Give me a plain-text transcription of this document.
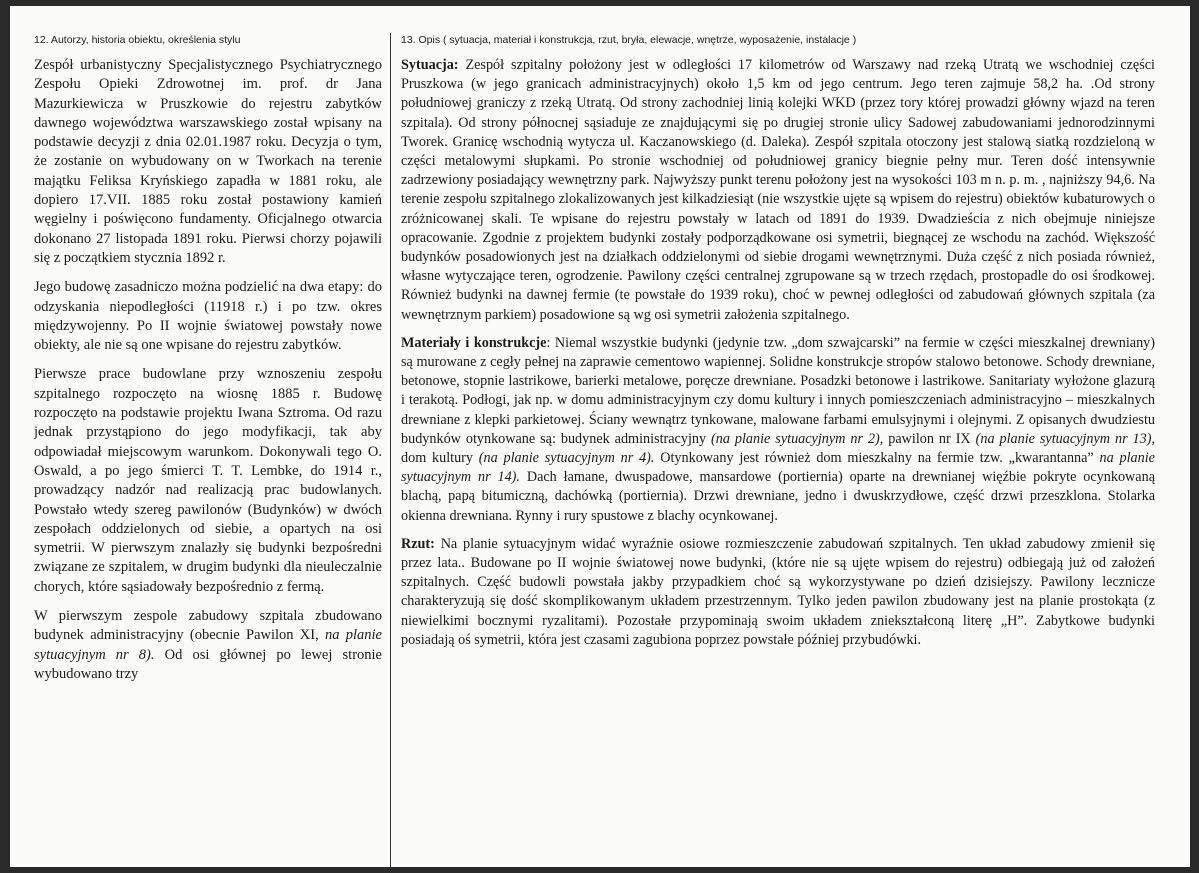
12. Autorzy, historia obiektu, określenia stylu

Zespół urbanistyczny Specjalistycznego Psychiatrycznego Zespołu Opieki Zdrowotnej im. prof. dr Jana Mazurkiewicza w Pruszkowie do rejestru zabytków dawnego województwa warszawskiego został wpisany na podstawie decyzji z dnia 02.01.1987 roku. Decyzja o tym, że zostanie on wybudowany on w Tworkach na terenie majątku Feliksa Kryńskiego zapadła w 1881 roku, ale dopiero 17.VII. 1885 roku został postawiony kamień węgielny i poświęcono fundamenty. Oficjalnego otwarcia dokonano 27 listopada 1891 roku. Pierwsi chorzy pojawili się z początkiem stycznia 1892 r.

Jego budowę zasadniczo można podzielić na dwa etapy: do odzyskania niepodległości (11918 r.) i po tzw. okres międzywojenny. Po II wojnie światowej powstały nowe obiekty, ale nie są one wpisane do rejestru zabytków.

Pierwsze prace budowlane przy wznoszeniu zespołu szpitalnego rozpoczęto na wiosnę 1885 r. Budowę rozpoczęto na podstawie projektu Iwana Sztroma. Od razu jednak przystąpiono do jego modyfikacji, tak aby odpowiadał miejscowym warunkom. Dokonywali tego O. Oswald, a po jego śmierci T. T. Lembke, do 1914 r., prowadzący nadzór nad realizacją prac budowlanych. Powstało wtedy szereg pawilonów (Budynków) w dwóch zespołach oddzielonych od siebie, a opartych na osi symetrii. W pierwszym znalazły się budynki bezpośredni związane ze szpitalem, w drugim budynki dla nieuleczalnie chorych, które sąsiadowały bezpośrednio z fermą.

W pierwszym zespole zabudowy szpitala zbudowano budynek administracyjny (obecnie Pawilon XI, na planie sytuacyjnym nr 8). Od osi głównej po lewej stronie wybudowano trzy

13. Opis ( sytuacja, materiał i konstrukcja, rzut, bryła, elewacje, wnętrze, wyposażenie, instalacje )

Sytuacja: Zespół szpitalny położony jest w odległości 17 kilometrów od Warszawy nad rzeką Utratą we wschodniej części Pruszkowa (w jego granicach administracyjnych) około 1,5 km od jego centrum. Jego teren zajmuje 58,2 ha. .Od strony południowej graniczy z rzeką Utratą. Od strony zachodniej linią kolejki WKD (przez tory której prowadzi główny wjazd na teren szpitala). Od strony północnej sąsiaduje ze znajdującymi się po drugiej stronie ulicy Sadowej zabudowaniami jednorodzinnymi Tworek. Granicę wschodnią wytycza ul. Kaczanowskiego (d. Daleka). Zespół szpitala otoczony jest stalową siatką rozdzieloną w części metalowymi słupkami. Po stronie wschodniej od południowej granicy biegnie pełny mur. Teren dość intensywnie zadrzewiony posiadający wewnętrzny park. Najwyższy punkt terenu położony jest na wysokości 103 m n. p. m. , najniższy 94,6. Na terenie zespołu szpitalnego zlokalizowanych jest kilkadziesiąt (nie wszystkie ujęte są wpisem do rejestru) obiektów kubaturowych o zróżnicowanej skali. Te wpisane do rejestru powstały w latach od 1891 do 1939. Dwadzieścia z nich obejmuje niniejsze opracowanie. Zgodnie z projektem budynki zostały podporządkowane osi symetrii, biegnącej ze wschodu na zachód. Większość budynków posadowionych jest na działkach oddzielonymi od siebie drogami wewnętrznymi. Duża część z nich posiada również, własne wytyczające teren, ogrodzenie. Pawilony części centralnej zgrupowane są w trzech rzędach, prostopadle do osi środkowej. Również budynki na dawnej fermie (te powstałe do 1939 roku), choć w pewnej odległości od zabudowań głównych szpitala (za wewnętrznym parkiem) posadowione są wg osi symetrii założenia szpitalnego.

Materiały i konstrukcje: Niemal wszystkie budynki (jedynie tzw. „dom szwajcarski” na fermie w części mieszkalnej drewniany) są murowane z cegły pełnej na zaprawie cementowo wapiennej. Solidne konstrukcje stropów stalowo betonowe. Schody drewniane, betonowe, stopnie lastrikowe, barierki metalowe, poręcze drewniane. Posadzki betonowe i lastrikowe. Sanitariaty wyłożone glazurą i terakotą. Podłogi, jak np. w domu administracyjnym czy domu kultury i innych pomieszczeniach administracyjno – mieszkalnych drewniane z klepki parkietowej. Ściany wewnątrz tynkowane, malowane farbami emulsyjnymi i olejnymi. Z opisanych dwudziestu budynków otynkowane są: budynek administracyjny (na planie sytuacyjnym nr 2), pawilon nr IX (na planie sytuacyjnym nr 13), dom kultury (na planie sytuacyjnym nr 4). Otynkowany jest również dom mieszkalny na fermie tzw. „kwarantanna” na planie sytuacyjnym nr 14). Dach łamane, dwuspadowe, mansardowe (portiernia) oparte na drewnianej więźbie pokryte ocynkowaną blachą, papą bitumiczną, dachówką (portiernia). Drzwi drewniane, jedno i dwuskrzydłowe, część drzwi przeszklona. Stolarka okienna drewniana. Rynny i rury spustowe z blachy ocynkowanej.

Rzut: Na planie sytuacyjnym widać wyraźnie osiowe rozmieszczenie zabudowań szpitalnych. Ten układ zabudowy zmienił się przez lata.. Budowane po II wojnie światowej nowe budynki, (które nie są ujęte wpisem do rejestru) odbiegają już od założeń szpitalnych. Część budowli powstała jakby przypadkiem choć są wykorzystywane po dzień dzisiejszy. Pawilony lecznicze charakteryzują się dość skomplikowanym układem przestrzennym. Tylko jeden pawilon zbudowany jest na planie prostokąta (z niewielkimi bocznymi ryzalitami). Pozostałe przypominają swoim układem zniekształconą literę „H”. Zabytkowe budynki posiadają oś symetrii, która jest czasami zagubiona poprzez powstałe później przybudówki.
